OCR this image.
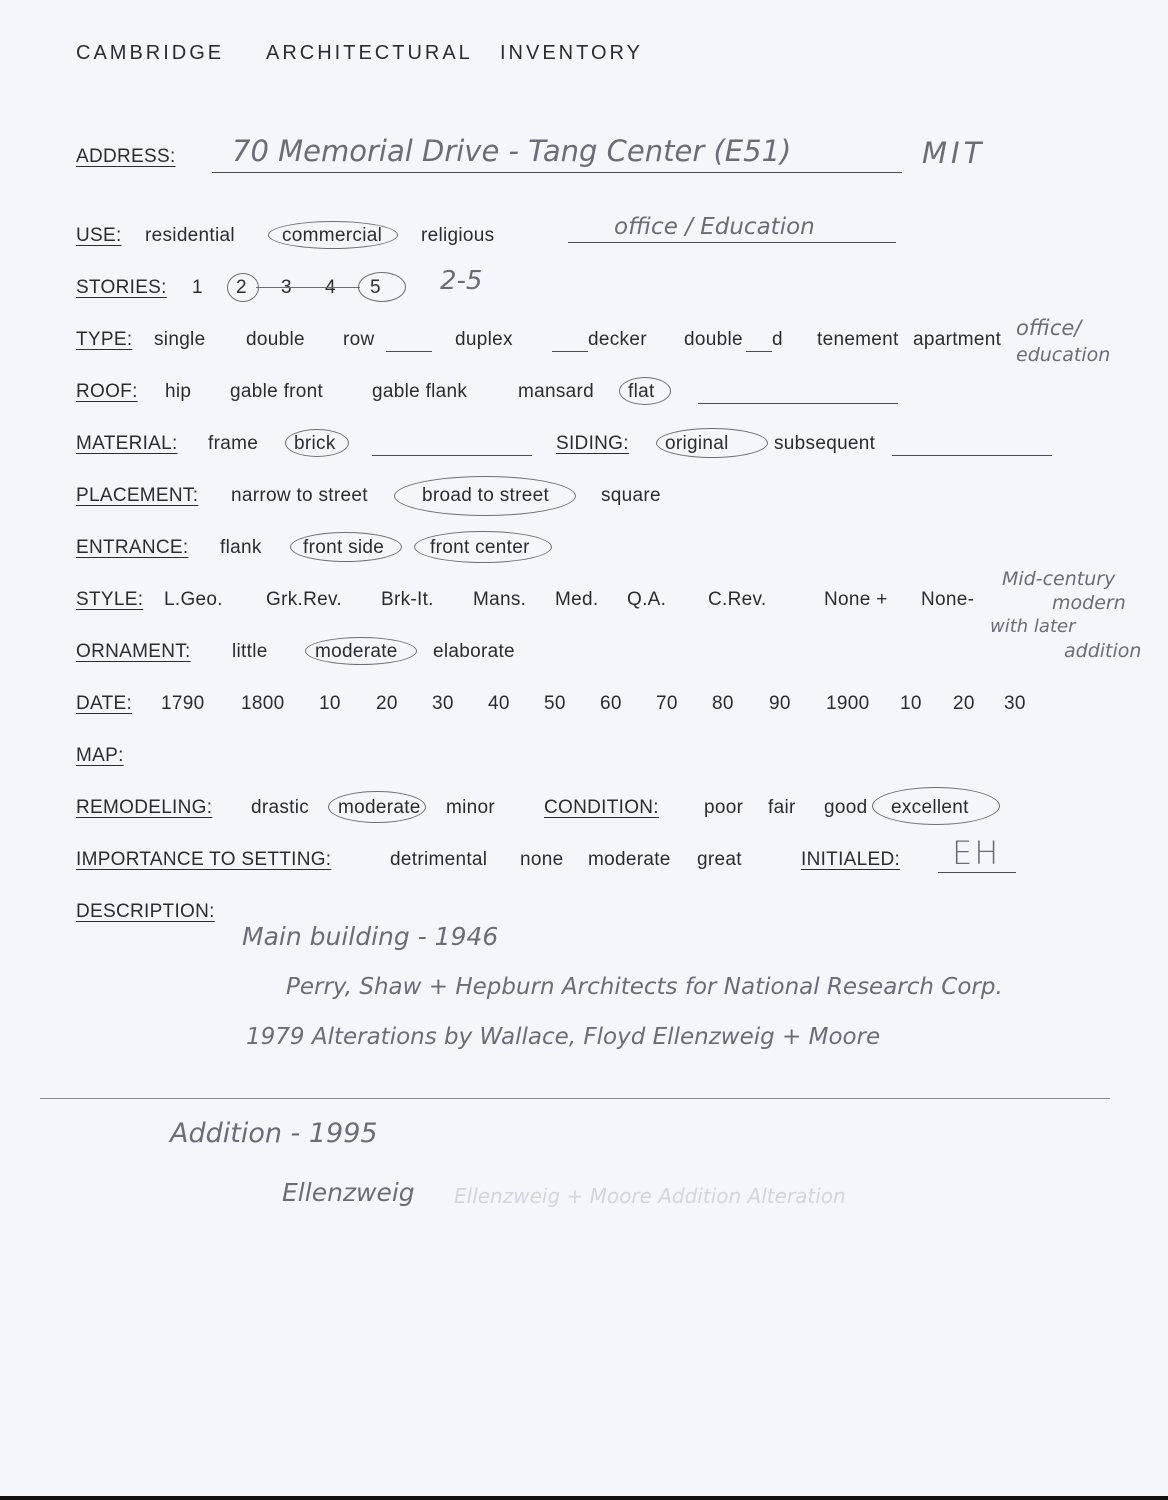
CAMBRIDGE ARCHITECTURAL INVENTORY
ADDRESS: 70 Memorial Drive - Tang Center (E51)	MIT
USE: residential commercial religious	office / Education
STORIES: 1 2 3 4 5 2-5
TYPE: single double row	duplex	decker double d tenement apartment office/
education
ROOF: hip gable front	gable flank	mansard flat
MATERIAL: frame brick	SIDING: original subsequent
PLACEMENT: narrow to street	broad to street	square
ENTRANCE: flank front side front center
STYLE: L.Geo. Grk.Rev. Brk-It. Mans. Med. Q.A. C.Rev.	None + None-
Mid-century
modern
with later
addition
ORNAMENT: little moderate elaborate
DATE: 1790 1800 10 20 30 40 50 60 70 80 90 1900 10 20 30
MAP:
REMODELING: drastic moderate minor	CONDITION: poor fair good excellent
IMPORTANCE TO SETTING:	detrimental none moderate great	INITIALED: EH
DESCRIPTION:
Main building - 1946
Perry, Shaw + Hepburn Architects for National Research Corp.
1979 Alterations by Wallace, Floyd Ellenzweig + Moore
Addition - 1995
Ellenzweig Ellenzweig + Moore Addition Alteration
